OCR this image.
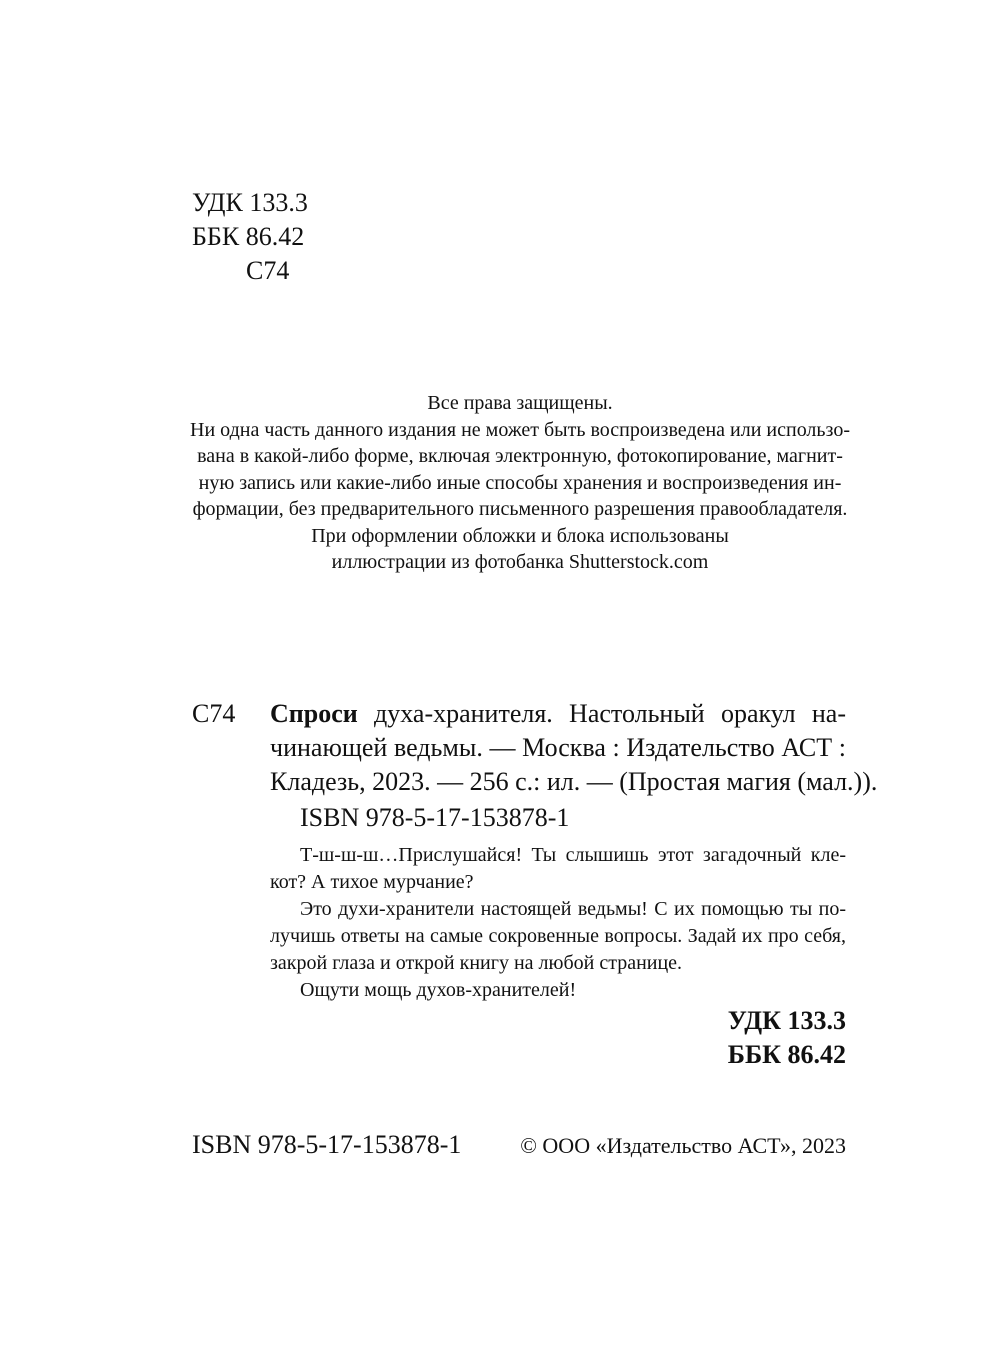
УДК 133.3
ББК 86.42
С74
Все права защищены.
Ни одна часть данного издания не может быть воспроизведена или использо-
вана в какой-либо форме, включая электронную, фотокопирование, магнит-
ную запись или какие-либо иные способы хранения и воспроизведения ин-
формации, без предварительного письменного разрешения правообладателя.
При оформлении обложки и блока использованы
иллюстрации из фотобанка Shutterstock.com
С74 Спроси духа-хранителя. Настольный оракул на-
чинающей ведьмы. — Москва : Издательство АСТ :
Кладезь, 2023. — 256 с.: ил. — (Простая магия (мал.)).
ISBN 978-5-17-153878-1
Т-ш-ш-ш…Прислушайся! Ты слышишь этот загадочный кле-
кот? А тихое мурчание?
Это духи-хранители настоящей ведьмы! С их помощью ты по-
лучишь ответы на самые сокровенные вопросы. Задай их про себя,
закрой глаза и открой книгу на любой странице.
Ощути мощь духов-хранителей!
УДК 133.3
ББК 86.42
ISBN 978-5-17-153878-1	© ООО «Издательство АСТ», 2023
